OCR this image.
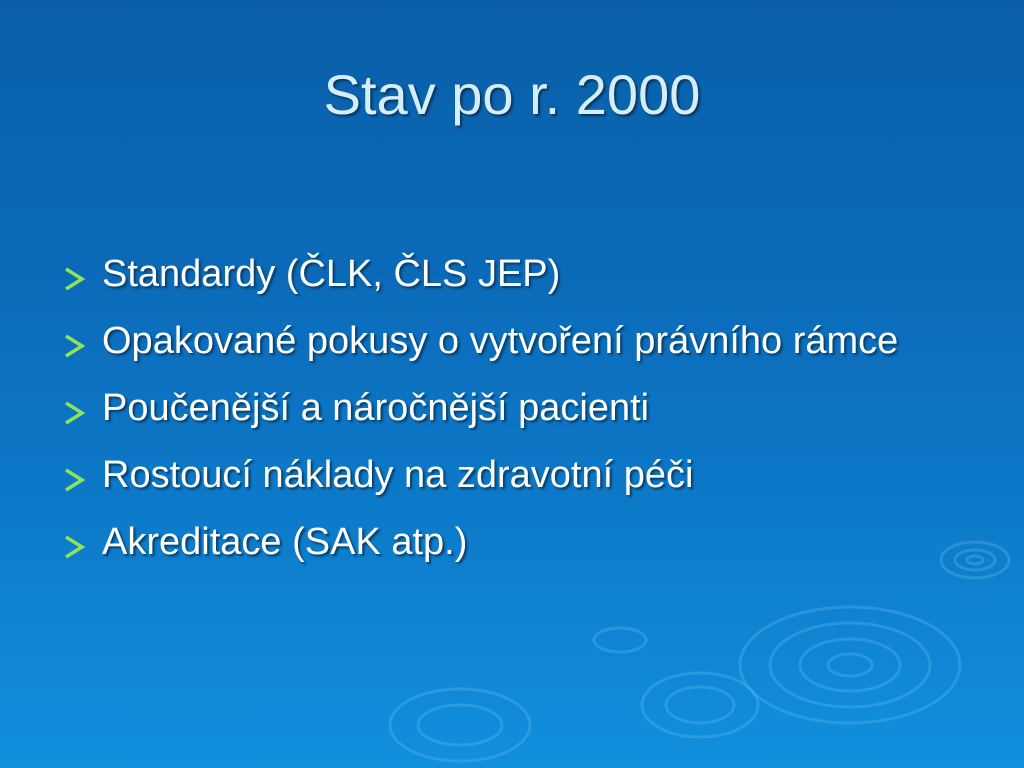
Stav po r. 2000
Standardy (ČLK, ČLS JEP)
Opakované pokusy o vytvoření právního rámce
Poučenější a náročnější pacienti
Rostoucí náklady na zdravotní péči
Akreditace (SAK atp.)
